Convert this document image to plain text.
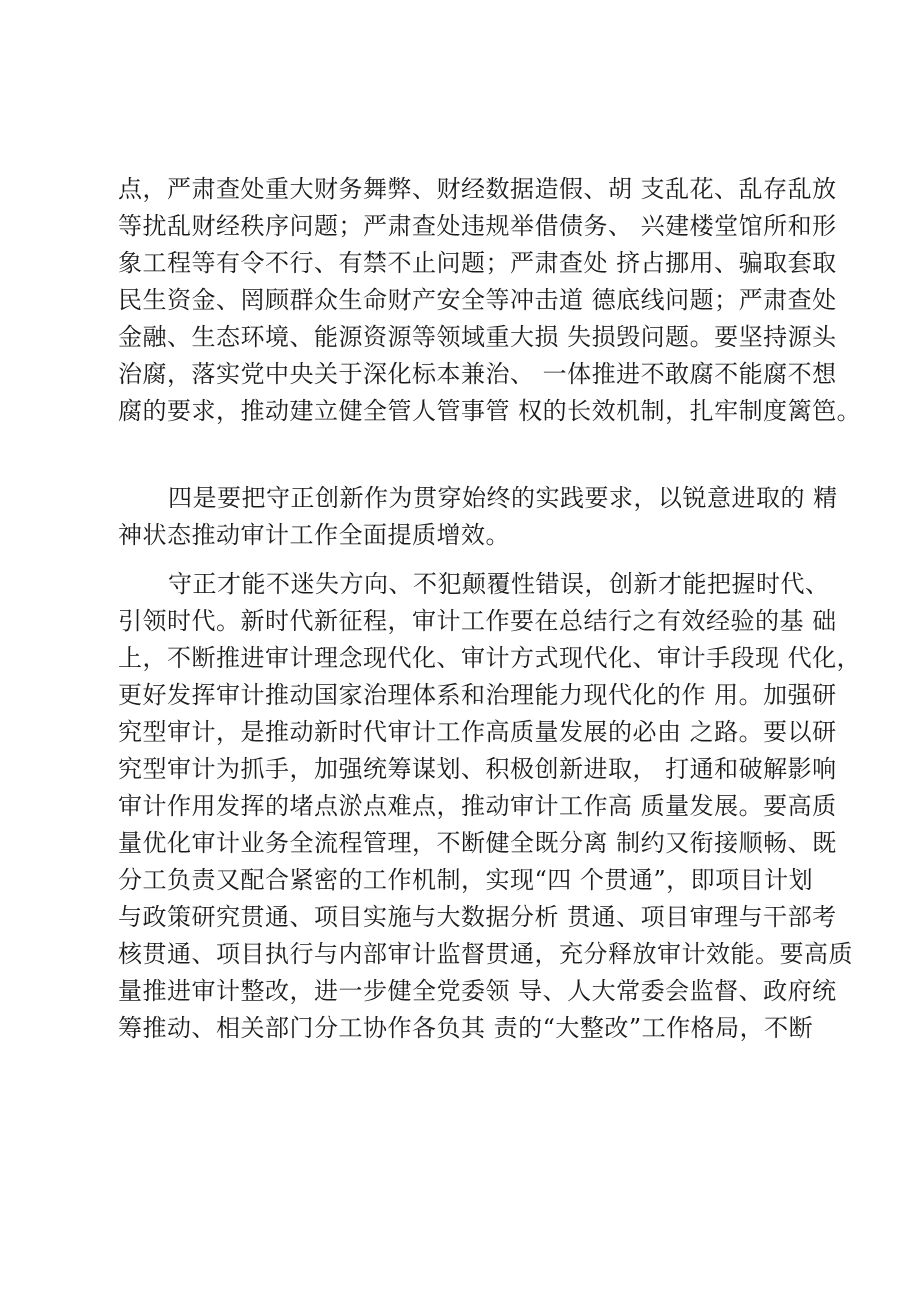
点，严肃查处重大财务舞弊、财经数据造假、胡 支乱花、乱存乱放
等扰乱财经秩序问题；严肃查处违规举借债务、 兴建楼堂馆所和形
象工程等有令不行、有禁不止问题；严肃查处 挤占挪用、骗取套取
民生资金、罔顾群众生命财产安全等冲击道 德底线问题；严肃查处
金融、生态环境、能源资源等领域重大损 失损毁问题。要坚持源头
治腐，落实党中央关于深化标本兼治、 一体推进不敢腐不能腐不想
腐的要求，推动建立健全管人管事管 权的长效机制，扎牢制度篱笆。
四是要把守正创新作为贯穿始终的实践要求，以锐意进取的 精
神状态推动审计工作全面提质增效。
守正才能不迷失方向、不犯颠覆性错误，创新才能把握时代、
引领时代。新时代新征程，审计工作要在总结行之有效经验的基 础
上，不断推进审计理念现代化、审计方式现代化、审计手段现 代化，
更好发挥审计推动国家治理体系和治理能力现代化的作 用。加强研
究型审计，是推动新时代审计工作高质量发展的必由 之路。要以研
究型审计为抓手，加强统筹谋划、积极创新进取， 打通和破解影响
审计作用发挥的堵点淤点难点，推动审计工作高 质量发展。要高质
量优化审计业务全流程管理，不断健全既分离 制约又衔接顺畅、既
分工负责又配合紧密的工作机制，实现“四 个贯通”，即项目计划
与政策研究贯通、项目实施与大数据分析 贯通、项目审理与干部考
核贯通、项目执行与内部审计监督贯通，充分释放审计效能。要高质
量推进审计整改，进一步健全党委领 导、人大常委会监督、政府统
筹推动、相关部门分工协作各负其 责的“大整改”工作格局，不断
